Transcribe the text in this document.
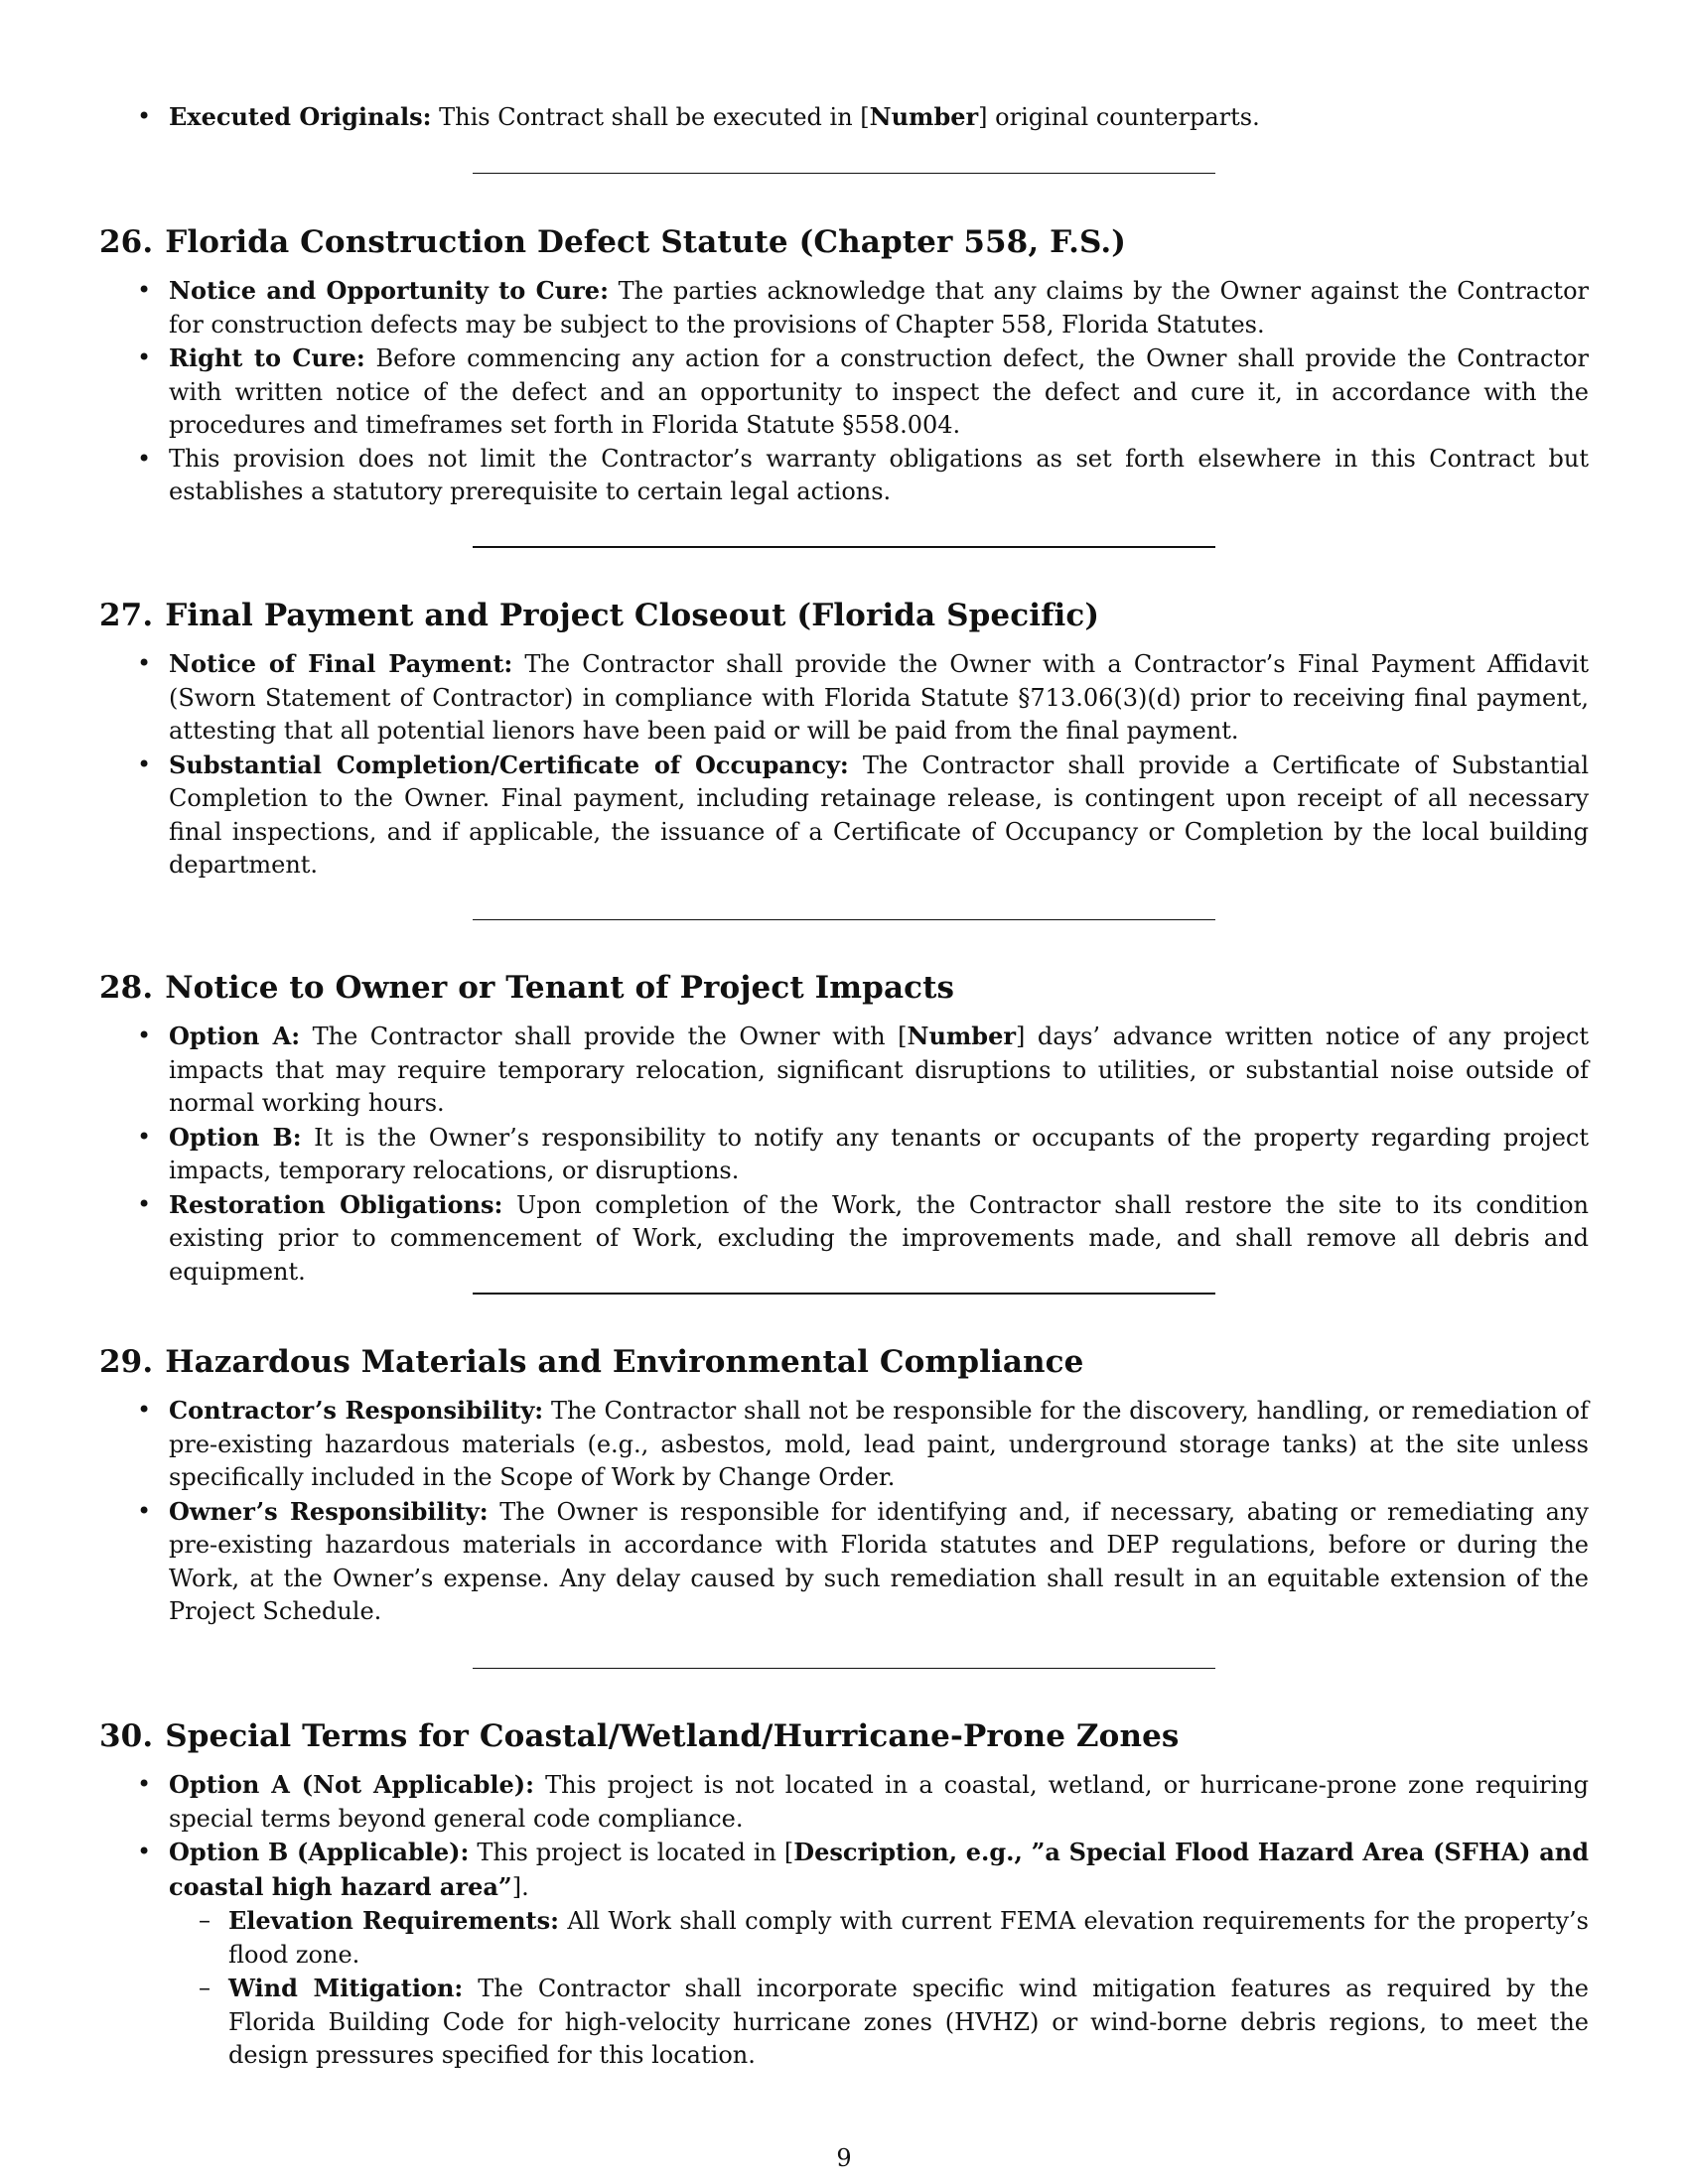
• Executed Originals: This Contract shall be executed in [Number] original counterparts.
26. Florida Construction Defect Statute (Chapter 558, F.S.)
• Notice and Opportunity to Cure: The parties acknowledge that any claims by the Owner against the Contractor for construction defects may be subject to the provisions of Chapter 558, Florida Statutes.
• Right to Cure: Before commencing any action for a construction defect, the Owner shall provide the Contractor with written notice of the defect and an opportunity to inspect the defect and cure it, in accordance with the procedures and timeframes set forth in Florida Statute §558.004.
• This provision does not limit the Contractor’s warranty obligations as set forth elsewhere in this Contract but establishes a statutory prerequisite to certain legal actions.
27. Final Payment and Project Closeout (Florida Specific)
• Notice of Final Payment: The Contractor shall provide the Owner with a Contractor’s Final Payment Affidavit (Sworn Statement of Contractor) in compliance with Florida Statute §713.06(3)(d) prior to receiving final payment, attesting that all potential lienors have been paid or will be paid from the final payment.
• Substantial Completion/Certificate of Occupancy: The Contractor shall provide a Certificate of Substantial Completion to the Owner. Final payment, including retainage release, is contingent upon receipt of all necessary final inspections, and if applicable, the issuance of a Certificate of Occupancy or Completion by the local building department.
28. Notice to Owner or Tenant of Project Impacts
• Option A: The Contractor shall provide the Owner with [Number] days’ advance written notice of any project impacts that may require temporary relocation, significant disruptions to utilities, or substantial noise outside of normal working hours.
• Option B: It is the Owner’s responsibility to notify any tenants or occupants of the property regarding project impacts, temporary relocations, or disruptions.
• Restoration Obligations: Upon completion of the Work, the Contractor shall restore the site to its condition existing prior to commencement of Work, excluding the improvements made, and shall remove all debris and equipment.
29. Hazardous Materials and Environmental Compliance
• Contractor’s Responsibility: The Contractor shall not be responsible for the discovery, handling, or remediation of pre-existing hazardous materials (e.g., asbestos, mold, lead paint, underground storage tanks) at the site unless specifically included in the Scope of Work by Change Order.
• Owner’s Responsibility: The Owner is responsible for identifying and, if necessary, abating or remediating any pre-existing hazardous materials in accordance with Florida statutes and DEP regulations, before or during the Work, at the Owner’s expense. Any delay caused by such remediation shall result in an equitable extension of the Project Schedule.
30. Special Terms for Coastal/Wetland/Hurricane-Prone Zones
• Option A (Not Applicable): This project is not located in a coastal, wetland, or hurricane-prone zone requiring special terms beyond general code compliance.
• Option B (Applicable): This project is located in [Description, e.g., ”a Special Flood Hazard Area (SFHA) and coastal high hazard area”].
– Elevation Requirements: All Work shall comply with current FEMA elevation requirements for the property’s flood zone.
– Wind Mitigation: The Contractor shall incorporate specific wind mitigation features as required by the Florida Building Code for high-velocity hurricane zones (HVHZ) or wind-borne debris regions, to meet the design pressures specified for this location.
9
